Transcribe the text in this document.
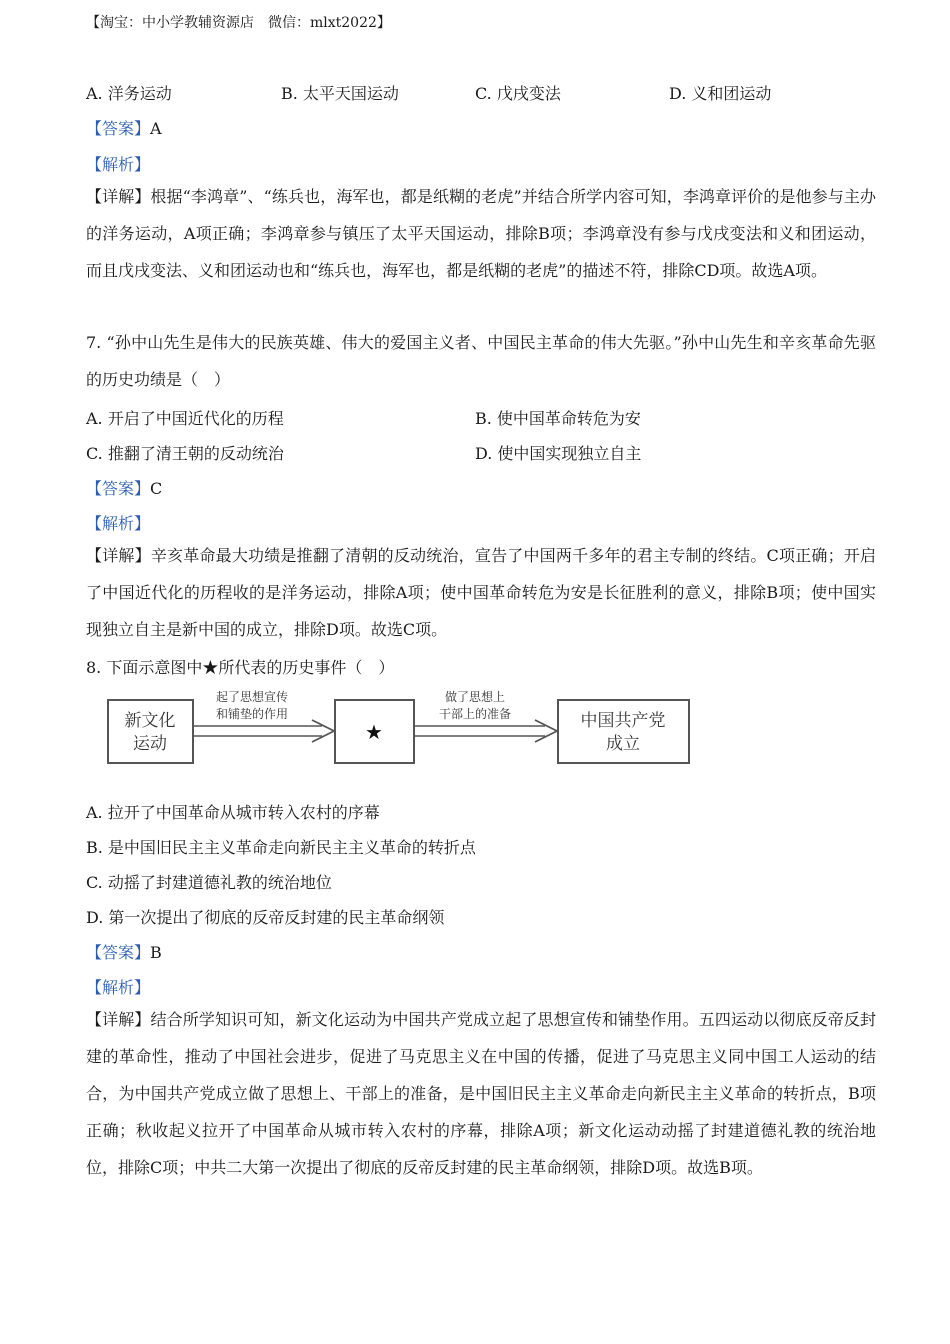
【淘宝：中小学教辅资源店　微信：mlxt2022】
A. 洋务运动	B. 太平天国运动	C. 戊戌变法	D. 义和团运动
【答案】A
【解析】
【详解】根据“李鸿章”、“练兵也，海军也，都是纸糊的老虎”并结合所学内容可知，李鸿章评价的是他参与主办的洋务运动，A项正确；李鸿章参与镇压了太平天国运动，排除B项；李鸿章没有参与戊戌变法和义和团运动，而且戊戌变法、义和团运动也和“练兵也，海军也，都是纸糊的老虎”的描述不符，排除CD项。故选A项。
7. “孙中山先生是伟大的民族英雄、伟大的爱国主义者、中国民主革命的伟大先驱。”孙中山先生和辛亥革命先驱的历史功绩是（　）
A. 开启了中国近代化的历程	B. 使中国革命转危为安
C. 推翻了清王朝的反动统治	D. 使中国实现独立自主
【答案】C
【解析】
【详解】辛亥革命最大功绩是推翻了清朝的反动统治，宣告了中国两千多年的君主专制的终结。C项正确；开启了中国近代化的历程收的是洋务运动，排除A项；使中国革命转危为安是长征胜利的意义，排除B项；使中国实现独立自主是新中国的成立，排除D项。故选C项。
8. 下面示意图中★所代表的历史事件（　）
新文化
运动
起了思想宣传
和铺垫的作用
★
做了思想上
干部上的准备	中国共产党
成立
A. 拉开了中国革命从城市转入农村的序幕
B. 是中国旧民主主义革命走向新民主主义革命的转折点
C. 动摇了封建道德礼教的统治地位
D. 第一次提出了彻底的反帝反封建的民主革命纲领
【答案】B
【解析】
【详解】结合所学知识可知，新文化运动为中国共产党成立起了思想宣传和铺垫作用。五四运动以彻底反帝反封建的革命性，推动了中国社会进步，促进了马克思主义在中国的传播，促进了马克思主义同中国工人运动的结合，为中国共产党成立做了思想上、干部上的准备，是中国旧民主主义革命走向新民主主义革命的转折点，B项正确；秋收起义拉开了中国革命从城市转入农村的序幕，排除A项；新文化运动动摇了封建道德礼教的统治地位，排除C项；中共二大第一次提出了彻底的反帝反封建的民主革命纲领，排除D项。故选B项。
